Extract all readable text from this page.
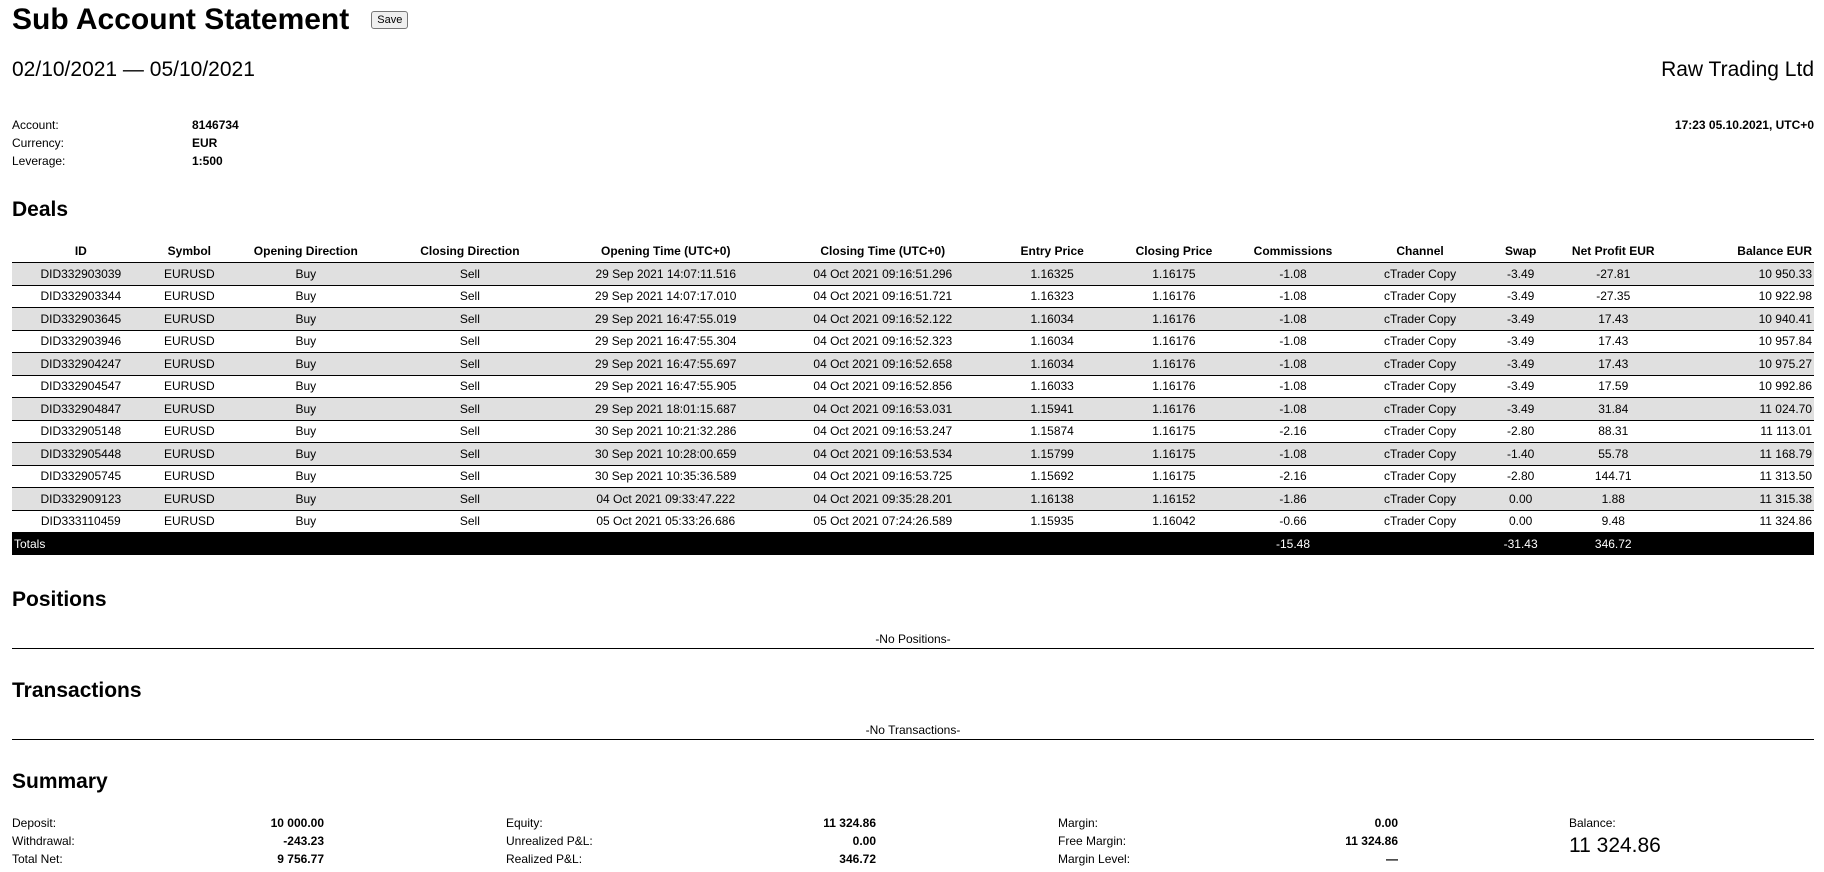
Sub Account Statement	Save
02/10/2021 — 05/10/2021	Raw Trading Ltd
Account:	8146734
Currency:	EUR
Leverage:	1:500
17:23 05.10.2021, UTC+0
Deals
ID	Symbol	Opening Direction	Closing Direction	Opening Time (UTC+0)	Closing Time (UTC+0)	Entry Price	Closing Price	Commissions	Channel	Swap	Net Profit EUR	Balance EUR
DID332903039	EURUSD	Buy	Sell	29 Sep 2021 14:07:11.516	04 Oct 2021 09:16:51.296	1.16325	1.16175	-1.08	cTrader Copy	-3.49	-27.81	10 950.33
DID332903344	EURUSD	Buy	Sell	29 Sep 2021 14:07:17.010	04 Oct 2021 09:16:51.721	1.16323	1.16176	-1.08	cTrader Copy	-3.49	-27.35	10 922.98
DID332903645	EURUSD	Buy	Sell	29 Sep 2021 16:47:55.019	04 Oct 2021 09:16:52.122	1.16034	1.16176	-1.08	cTrader Copy	-3.49	17.43	10 940.41
DID332903946	EURUSD	Buy	Sell	29 Sep 2021 16:47:55.304	04 Oct 2021 09:16:52.323	1.16034	1.16176	-1.08	cTrader Copy	-3.49	17.43	10 957.84
DID332904247	EURUSD	Buy	Sell	29 Sep 2021 16:47:55.697	04 Oct 2021 09:16:52.658	1.16034	1.16176	-1.08	cTrader Copy	-3.49	17.43	10 975.27
DID332904547	EURUSD	Buy	Sell	29 Sep 2021 16:47:55.905	04 Oct 2021 09:16:52.856	1.16033	1.16176	-1.08	cTrader Copy	-3.49	17.59	10 992.86
DID332904847	EURUSD	Buy	Sell	29 Sep 2021 18:01:15.687	04 Oct 2021 09:16:53.031	1.15941	1.16176	-1.08	cTrader Copy	-3.49	31.84	11 024.70
DID332905148	EURUSD	Buy	Sell	30 Sep 2021 10:21:32.286	04 Oct 2021 09:16:53.247	1.15874	1.16175	-2.16	cTrader Copy	-2.80	88.31	11 113.01
DID332905448	EURUSD	Buy	Sell	30 Sep 2021 10:28:00.659	04 Oct 2021 09:16:53.534	1.15799	1.16175	-1.08	cTrader Copy	-1.40	55.78	11 168.79
DID332905745	EURUSD	Buy	Sell	30 Sep 2021 10:35:36.589	04 Oct 2021 09:16:53.725	1.15692	1.16175	-2.16	cTrader Copy	-2.80	144.71	11 313.50
DID332909123	EURUSD	Buy	Sell	04 Oct 2021 09:33:47.222	04 Oct 2021 09:35:28.201	1.16138	1.16152	-1.86	cTrader Copy	0.00	1.88	11 315.38
DID333110459	EURUSD	Buy	Sell	05 Oct 2021 05:33:26.686	05 Oct 2021 07:24:26.589	1.15935	1.16042	-0.66	cTrader Copy	0.00	9.48	11 324.86
Totals								-15.48		-31.43	346.72	
Positions
-No Positions-
Transactions
-No Transactions-
Summary
Deposit:	10 000.00
Withdrawal:	-243.23
Total Net:	9 756.77
Equity:	11 324.86
Unrealized P&L:	0.00
Realized P&L:	346.72
Margin:	0.00
Free Margin:	11 324.86
Margin Level:	—
Balance:
11 324.86
